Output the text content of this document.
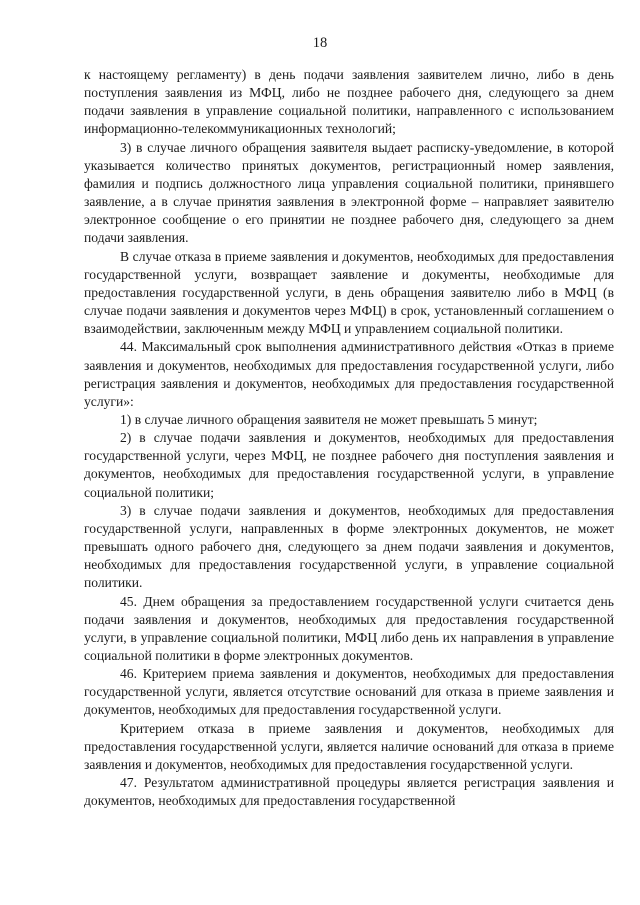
18

к настоящему регламенту) в день подачи заявления заявителем лично, либо в день поступления заявления из МФЦ, либо не позднее рабочего дня, следующего за днем подачи заявления в управление социальной политики, направленного с использованием информационно-телекоммуникационных технологий;

3) в случае личного обращения заявителя выдает расписку-уведомление, в которой указывается количество принятых документов, регистрационный номер заявления, фамилия и подпись должностного лица управления социальной политики, принявшего заявление, а в случае принятия заявления в электронной форме – направляет заявителю электронное сообщение о его принятии не позднее рабочего дня, следующего за днем подачи заявления.

В случае отказа в приеме заявления и документов, необходимых для предоставления государственной услуги, возвращает заявление и документы, необходимые для предоставления государственной услуги, в день обращения заявителю либо в МФЦ (в случае подачи заявления и документов через МФЦ) в срок, установленный соглашением о взаимодействии, заключенным между МФЦ и управлением социальной политики.

44. Максимальный срок выполнения административного действия «Отказ в приеме заявления и документов, необходимых для предоставления государственной услуги, либо регистрация заявления и документов, необходимых для предоставления государственной услуги»:

1) в случае личного обращения заявителя не может превышать 5 минут;

2) в случае подачи заявления и документов, необходимых для предоставления государственной услуги, через МФЦ, не позднее рабочего дня поступления заявления и документов, необходимых для предоставления государственной услуги, в управление социальной политики;

3) в случае подачи заявления и документов, необходимых для предоставления государственной услуги, направленных в форме электронных документов, не может превышать одного рабочего дня, следующего за днем подачи заявления и документов, необходимых для предоставления государственной услуги, в управление социальной политики.

45. Днем обращения за предоставлением государственной услуги считается день подачи заявления и документов, необходимых для предоставления государственной услуги, в управление социальной политики, МФЦ либо день их направления в управление социальной политики в форме электронных документов.

46. Критерием приема заявления и документов, необходимых для предоставления государственной услуги, является отсутствие оснований для отказа в приеме заявления и документов, необходимых для предоставления государственной услуги.

Критерием отказа в приеме заявления и документов, необходимых для предоставления государственной услуги, является наличие оснований для отказа в приеме заявления и документов, необходимых для предоставления государственной услуги.

47. Результатом административной процедуры является регистрация заявления и документов, необходимых для предоставления государственной
